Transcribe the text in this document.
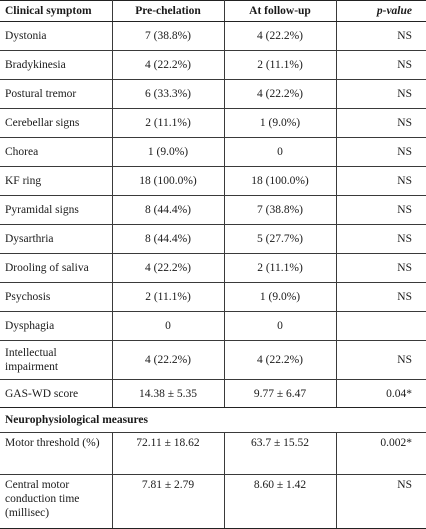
Clinical symptom	Pre-chelation	At follow-up	p-value
Dystonia	7 (38.8%)	4 (22.2%)	NS
Bradykinesia	4 (22.2%)	2 (11.1%)	NS
Postural tremor	6 (33.3%)	4 (22.2%)	NS
Cerebellar signs	2 (11.1%)	1 (9.0%)	NS
Chorea	1 (9.0%)	0	NS
KF ring	18 (100.0%)	18 (100.0%)	NS
Pyramidal signs	8 (44.4%)	7 (38.8%)	NS
Dysarthria	8 (44.4%)	5 (27.7%)	NS
Drooling of saliva	4 (22.2%)	2 (11.1%)	NS
Psychosis	2 (11.1%)	1 (9.0%)	NS
Dysphagia	0	0	
Intellectual impairment	4 (22.2%)	4 (22.2%)	NS
GAS-WD score	14.38 ± 5.35	9.77 ± 6.47	0.04*
Neurophysiological measures			
Motor threshold (%)	72.11 ± 18.62	63.7 ± 15.52	0.002*
Central motor conduction time (millisec)	7.81 ± 2.79	8.60 ± 1.42	NS
